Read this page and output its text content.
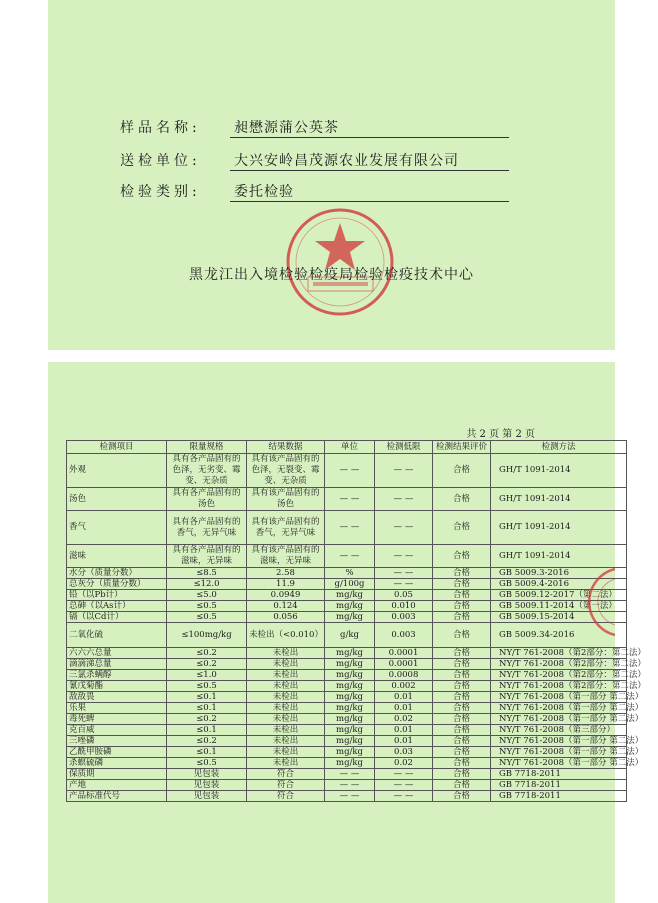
样品名称: 昶懋源蒲公英茶
送检单位: 大兴安岭昌茂源农业发展有限公司
检验类别: 委托检验
黑龙江出入境检验检疫局检验检疫技术中心
共 2 页 第 2 页
检测项目	限量规格	结果数据	单位	检测低限	检测结果评价	检测方法
外观	具有各产品固有的色泽，无劣变、霉变、无杂质	具有该产品固有的色泽，无裂变、霉变、无杂质	— —	— —	合格	GH/T 1091-2014
汤色	具有各产品固有的汤色	具有该产品固有的汤色	— —	— —	合格	GH/T 1091-2014
香气	具有各产品固有的香气，无异气味	具有该产品固有的香气，无异气味	— —	— —	合格	GH/T 1091-2014
滋味	具有各产品固有的滋味，无异味	具有该产品固有的滋味，无异味	— —	— —	合格	GH/T 1091-2014
水分（质量分数）	≤8.5	2.58	%	— —	合格	GB 5009.3-2016
总灰分（质量分数）	≤12.0	11.9	g/100g	— —	合格	GB 5009.4-2016
铅（以Pb计）	≤5.0	0.0949	mg/kg	0.05	合格	GB 5009.12-2017（第二法）
总砷（以As计）	≤0.5	0.124	mg/kg	0.010	合格	GB 5009.11-2014（第一法）
镉（以Cd计）	≤0.5	0.056	mg/kg	0.003	合格	GB 5009.15-2014
二氧化硫	≤100mg/kg	未检出（<0.010）	g/kg	0.003	合格	GB 5009.34-2016
六六六总量	≤0.2	未检出	mg/kg	0.0001	合格	NY/T 761-2008（第2部分：第二法）
滴滴涕总量	≤0.2	未检出	mg/kg	0.0001	合格	NY/T 761-2008（第2部分：第二法）
三氯杀螨醇	≤1.0	未检出	mg/kg	0.0008	合格	NY/T 761-2008（第2部分：第二法）
氰戊菊酯	≤0.5	未检出	mg/kg	0.002	合格	NY/T 761-2008（第2部分：第二法）
敌敌畏	≤0.1	未检出	mg/kg	0.01	合格	NY/T 761-2008（第一部分 第二法）
乐果	≤0.1	未检出	mg/kg	0.01	合格	NY/T 761-2008（第一部分 第二法）
毒死蜱	≤0.2	未检出	mg/kg	0.02	合格	NY/T 761-2008（第一部分 第二法）
克百威	≤0.1	未检出	mg/kg	0.01	合格	NY/T 761-2008（第三部分）
三唑磷	≤0.2	未检出	mg/kg	0.01	合格	NY/T 761-2008（第一部分 第二法）
乙酰甲胺磷	≤0.1	未检出	mg/kg	0.03	合格	NY/T 761-2008（第一部分 第二法）
杀螟硫磷	≤0.5	未检出	mg/kg	0.02	合格	NY/T 761-2008（第一部分 第二法）
保质期	见包装	符合	— —	— —	合格	GB 7718-2011
产地	见包装	符合	— —	— —	合格	GB 7718-2011
产品标准代号	见包装	符合	— —	— —	合格	GB 7718-2011
